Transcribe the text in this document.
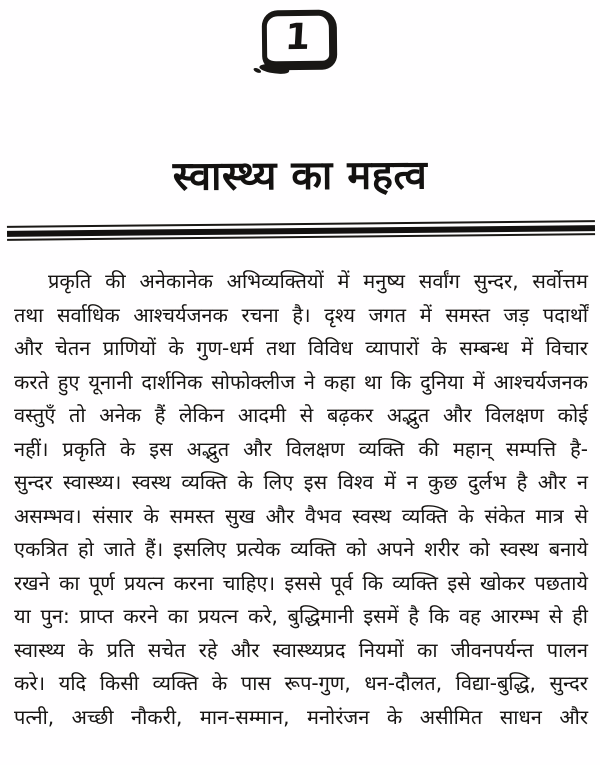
1
स्वास्थ्य का महत्व
प्रकृति की अनेकानेक अभिव्यक्तियों में मनुष्य सर्वांग सुन्दर, सर्वोत्तम
तथा सर्वाधिक आश्चर्यजनक रचना है। दृश्य जगत में समस्त जड़ पदार्थों
और चेतन प्राणियों के गुण-धर्म तथा विविध व्यापारों के सम्बन्ध में विचार
करते हुए यूनानी दार्शनिक सोफोक्लीज ने कहा था कि दुनिया में आश्चर्यजनक
वस्तुएँ तो अनेक हैं लेकिन आदमी से बढ़कर अद्भुत और विलक्षण कोई
नहीं। प्रकृति के इस अद्भुत और विलक्षण व्यक्ति की महान् सम्पत्ति है-
सुन्दर स्वास्थ्य। स्वस्थ व्यक्ति के लिए इस विश्व में न कुछ दुर्लभ है और न
असम्भव। संसार के समस्त सुख और वैभव स्वस्थ व्यक्ति के संकेत मात्र से
एकत्रित हो जाते हैं। इसलिए प्रत्येक व्यक्ति को अपने शरीर को स्वस्थ बनाये
रखने का पूर्ण प्रयत्न करना चाहिए। इससे पूर्व कि व्यक्ति इसे खोकर पछताये
या पुन: प्राप्त करने का प्रयत्न करे, बुद्धिमानी इसमें है कि वह आरम्भ से ही
स्वास्थ्य के प्रति सचेत रहे और स्वास्थ्यप्रद नियमों का जीवनपर्यन्त पालन
करे। यदि किसी व्यक्ति के पास रूप-गुण, धन-दौलत, विद्या-बुद्धि, सुन्दर
पत्नी, अच्छी नौकरी, मान-सम्मान, मनोरंजन के असीमित साधन और
